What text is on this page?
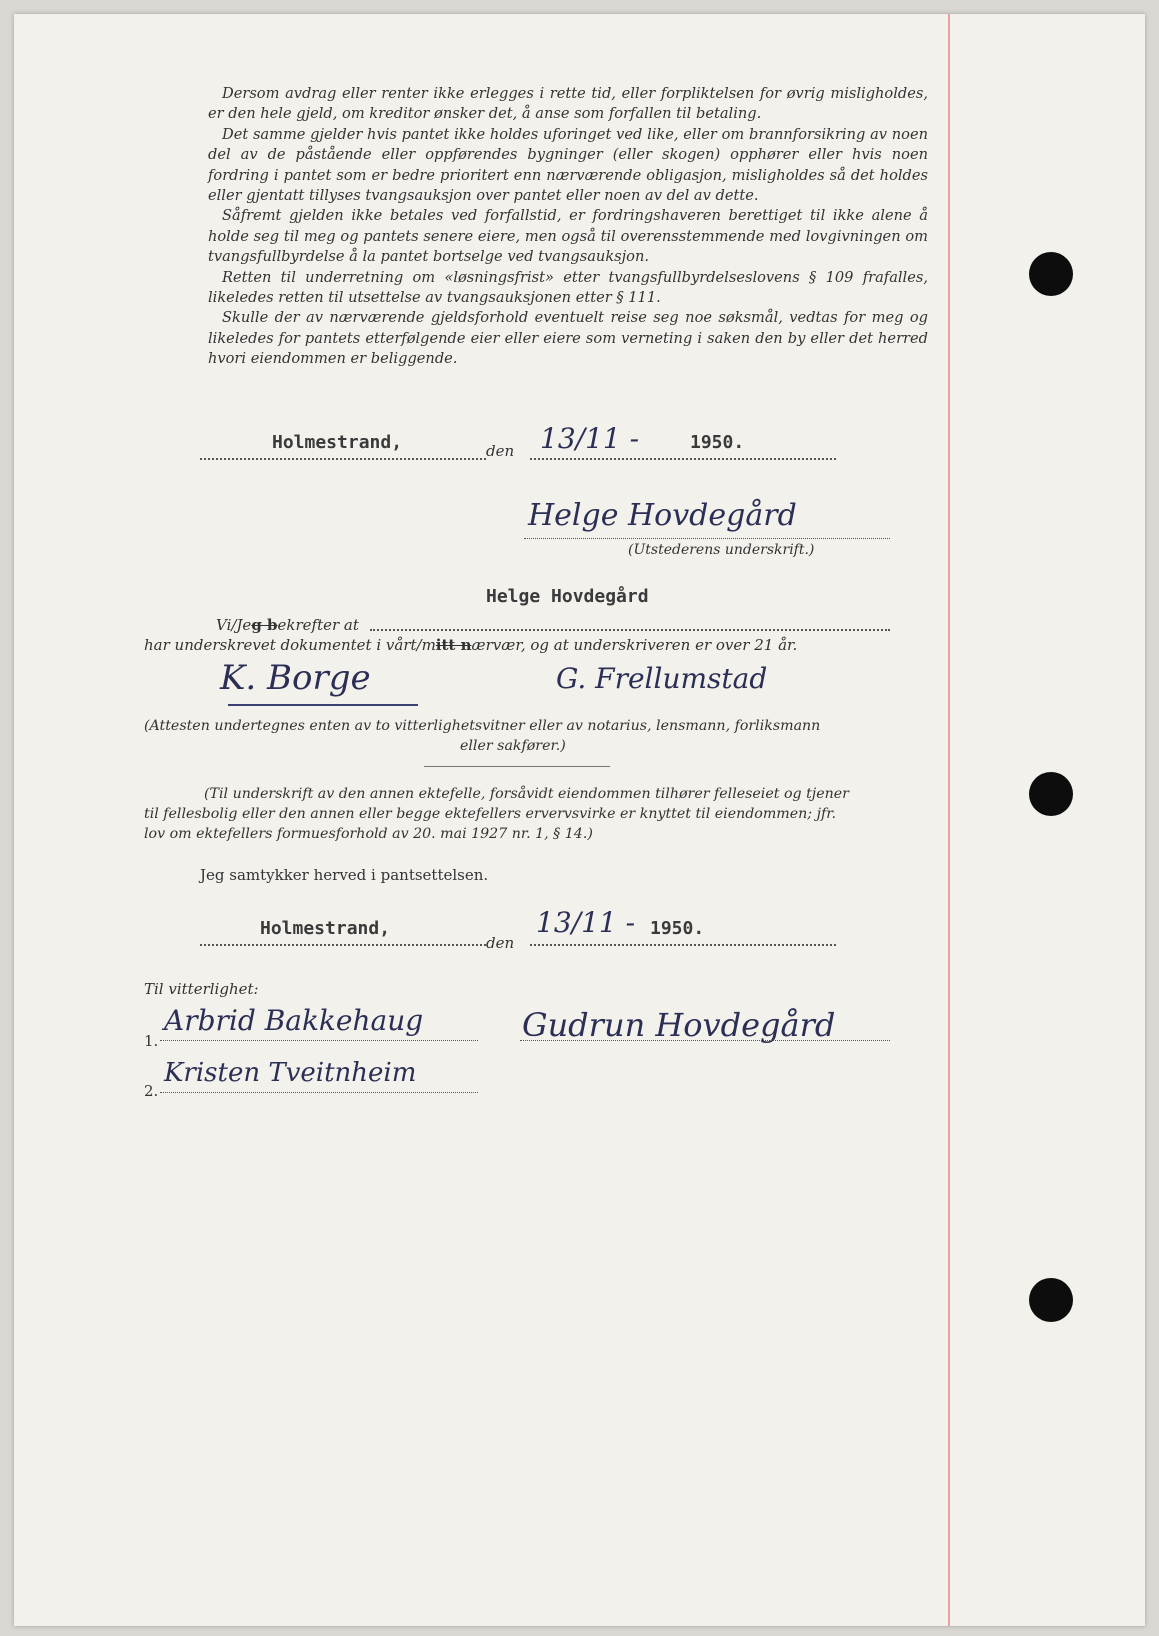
Dersom avdrag eller renter ikke erlegges i rette tid, eller forpliktelsen for øvrig misligholdes, er den hele gjeld, om kreditor ønsker det, å anse som forfallen til betaling.

Det samme gjelder hvis pantet ikke holdes uforinget ved like, eller om brannforsikring av noen del av de påstående eller oppførendes bygninger (eller skogen) opphører eller hvis noen fordring i pantet som er bedre prioritert enn nærværende obligasjon, misligholdes så det holdes eller gjentatt tillyses tvangsauksjon over pantet eller noen av del av dette.

Såfremt gjelden ikke betales ved forfallstid, er fordringshaveren berettiget til ikke alene å holde seg til meg og pantets senere eiere, men også til overensstemmende med lovgivningen om tvangsfullbyrdelse å la pantet bortselge ved tvangsauksjon.

Retten til underretning om «løsningsfrist» etter tvangsfullbyrdelseslovens § 109 frafalles, likeledes retten til utsettelse av tvangsauksjonen etter § 111.

Skulle der av nærværende gjeldsforhold eventuelt reise seg noe søksmål, vedtas for meg og likeledes for pantets etterfølgende eier eller eiere som verneting i saken den by eller det herred hvori eiendommen er beliggende.

Holmestrand,	den 13/11 -	1950.
Helge Hovdegård
(Utstederens underskrift.)
Helge Hovdegård
Vi/Jeg bekrefter at
har underskrevet dokumentet i vårt/mitt nærvær, og at underskriveren er over 21 år.
K. Borge	G. Frellumstad
(Attesten undertegnes enten av to vitterlighetsvitner eller av notarius, lensmann, forliksmann
eller sakfører.)
(Til underskrift av den annen ektefelle, forsåvidt eiendommen tilhører felleseiet og tjener
til fellesbolig eller den annen eller begge ektefellers ervervsvirke er knyttet til eiendommen; jfr.
lov om ektefellers formuesforhold av 20. mai 1927 nr. 1, § 14.)
Jeg samtykker herved i pantsettelsen.
Holmestrand,
den
13/11 - 1950.
Til vitterlighet:
1.
Arbrid Bakkehaug
2.
Kristen Tveitnheim
Gudrun Hovdegård
